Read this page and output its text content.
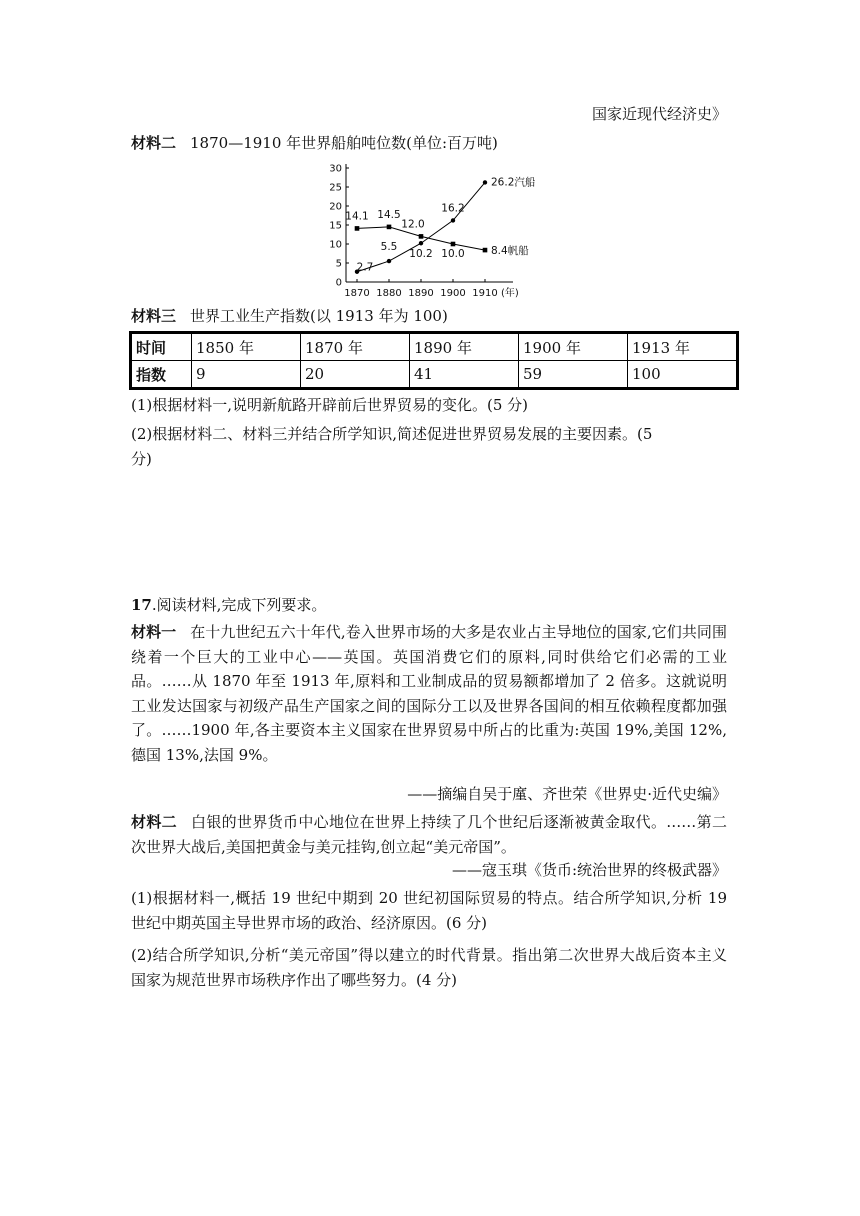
国家近现代经济史》
材料二 1870—1910 年世界船舶吨位数(单位:百万吨)
0
5
10
15
20
25
30
1870 1880 1890 1900 1910 (年)
2.7
5.5
10.2
16.2
26.2汽船
14.1 14.5
12.0
10.0	8.4帆船
材料三 世界工业生产指数(以 1913 年为 100)
时间	1850 年	1870 年	1890 年	1900 年	1913 年
指数	9	20	41	59	100
(1)根据材料一,说明新航路开辟前后世界贸易的变化。(5 分)
(2)根据材料二、材料三并结合所学知识,简述促进世界贸易发展的主要因素。(5
分)
17.阅读材料,完成下列要求。
材料一 在十九世纪五六十年代,卷入世界市场的大多是农业占主导地位的国家,它们共同围绕着一个巨大的工业中心——英国。英国消费它们的原料,同时供给它们必需的工业品。……从 1870 年至 1913 年,原料和工业制成品的贸易额都增加了 2 倍多。这就说明工业发达国家与初级产品生产国家之间的国际分工以及世界各国间的相互依赖程度都加强了。……1900 年,各主要资本主义国家在世界贸易中所占的比重为:英国 19%,美国 12%,德国 13%,法国 9%。
——摘编自吴于廑、齐世荣《世界史·近代史编》
材料二 白银的世界货币中心地位在世界上持续了几个世纪后逐渐被黄金取代。……第二次世界大战后,美国把黄金与美元挂钩,创立起“美元帝国”。
——寇玉琪《货币:统治世界的终极武器》
(1)根据材料一,概括 19 世纪中期到 20 世纪初国际贸易的特点。结合所学知识,分析 19 世纪中期英国主导世界市场的政治、经济原因。(6 分)
(2)结合所学知识,分析“美元帝国”得以建立的时代背景。指出第二次世界大战后资本主义国家为规范世界市场秩序作出了哪些努力。(4 分)
